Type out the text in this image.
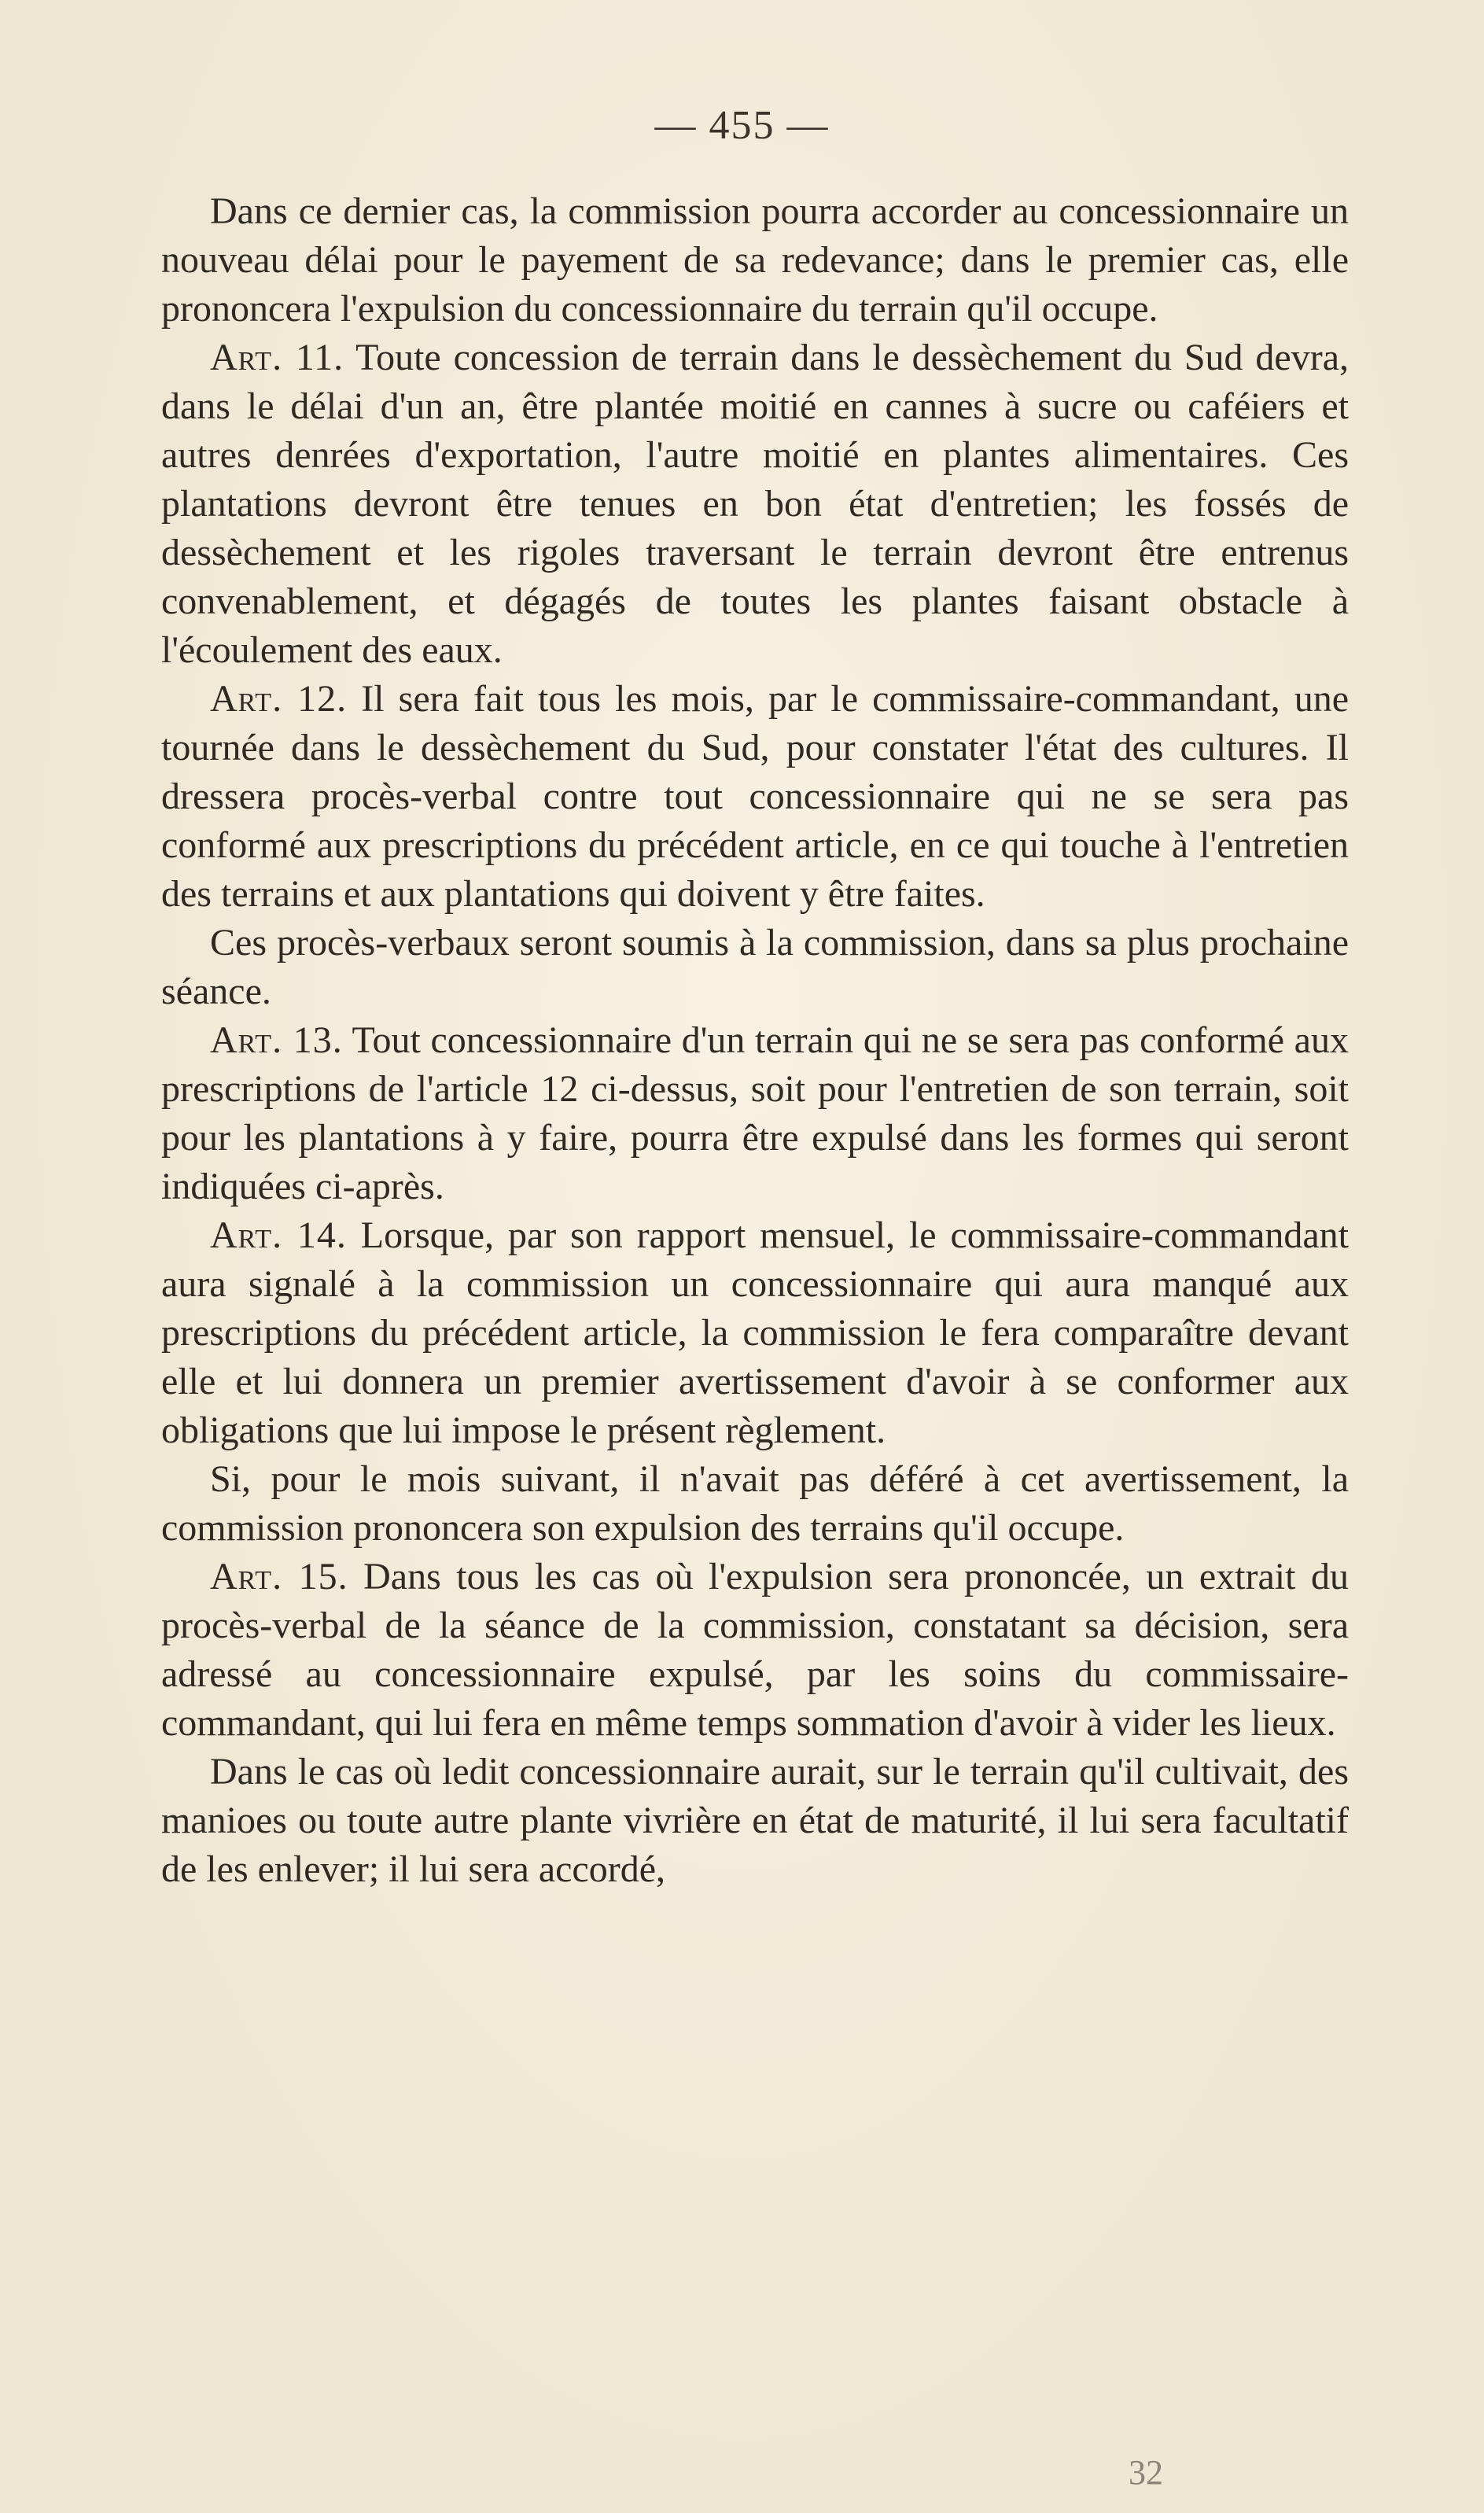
— 455 —

Dans ce dernier cas, la commission pourra accorder au concessionnaire un nouveau délai pour le payement de sa redevance; dans le premier cas, elle prononcera l'expulsion du concessionnaire du terrain qu'il occupe.

Art. 11. Toute concession de terrain dans le dessèchement du Sud devra, dans le délai d'un an, être plantée moitié en cannes à sucre ou caféiers et autres denrées d'exportation, l'autre moitié en plantes alimentaires. Ces plantations devront être tenues en bon état d'entretien; les fossés de dessèchement et les rigoles traversant le terrain devront être entrenus convenablement, et dégagés de toutes les plantes faisant obstacle à l'écoulement des eaux.

Art. 12. Il sera fait tous les mois, par le commissaire-commandant, une tournée dans le dessèchement du Sud, pour constater l'état des cultures. Il dressera procès-verbal contre tout concessionnaire qui ne se sera pas conformé aux prescriptions du précédent article, en ce qui touche à l'entretien des terrains et aux plantations qui doivent y être faites.

Ces procès-verbaux seront soumis à la commission, dans sa plus prochaine séance.

Art. 13. Tout concessionnaire d'un terrain qui ne se sera pas conformé aux prescriptions de l'article 12 ci-dessus, soit pour l'entretien de son terrain, soit pour les plantations à y faire, pourra être expulsé dans les formes qui seront indiquées ci-après.

Art. 14. Lorsque, par son rapport mensuel, le commissaire-commandant aura signalé à la commission un concessionnaire qui aura manqué aux prescriptions du précédent article, la commission le fera comparaître devant elle et lui donnera un premier avertissement d'avoir à se conformer aux obligations que lui impose le présent règlement.

Si, pour le mois suivant, il n'avait pas déféré à cet avertissement, la commission prononcera son expulsion des terrains qu'il occupe.

Art. 15. Dans tous les cas où l'expulsion sera prononcée, un extrait du procès-verbal de la séance de la commission, constatant sa décision, sera adressé au concessionnaire expulsé, par les soins du commissaire-commandant, qui lui fera en même temps sommation d'avoir à vider les lieux.

Dans le cas où ledit concessionnaire aurait, sur le terrain qu'il cultivait, des manioes ou toute autre plante vivrière en état de maturité, il lui sera facultatif de les enlever; il lui sera accordé,

32
